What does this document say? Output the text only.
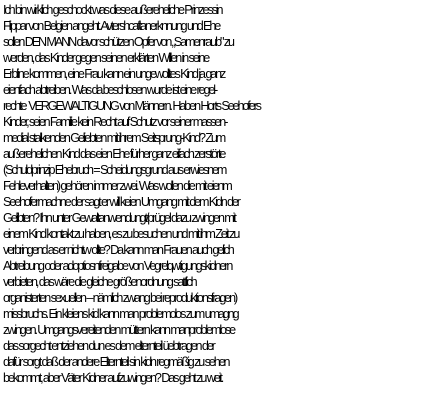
Ich bin wirklich geschockt was diese außereheliche Prinzessin
Flippar von Belgien angeht. Avtershcaftanerknnung und Ehe
sollen DEN MANN davor schützen Opfer von „Samenraub" zu
werden, das Kinder gegen seinen erklärten Willen in seine
Erbline kommen, eine Frau kann ein ungewolltes Kind ja ganz
eienfach abtreiben. Was da beschlosen wurde ist eine regel-
rechte  VERGEWALTIGUNG von Männern. Haben Horts Seehofers
Kinder, seien Familie kein Recht auf Schutz vor seiner massen-
medial stalkenden Geliebten mit ihrem Seitsprung-Kind? Zum
außerehelichen Kind das eien Ehe fürher ganz eifach zerstörte
(Schuldprinzip Ehebruch = Scheidungsgrund aus erwiesnem
Fehleverhalten) gehören immer zwei. Was wollen die mit eienm
Seehofermachne der sagt er will keien Umgang mit dem Kidn der
Gelibten? Ihn unter Gewaltanwendungt/prügel dazu zwingen mit
einem Kind kontakt zu haben, es zu besuchen und mit ihm Zeit zu
verbringend as er nichtw ollte? Da kann man Frauen auch gelich
Abtreibung oder adoptiosnfreigabe von Vegrelqwtigungskidnern
verbieten, das wäre die gleiche größenordnung sattlich
organisterten sexuellen – nämlich zwang bei reproduktionsfragen)
missbruchs. Ein kleiens kid kann man problemolos zum umagng
zwingen. Umgangsvereitenden müttern kann manproblemlose
das sorgecht entziehen dun es dem elternteil üebtragen der
dafür sorgt daß der andere Elternteil sin kidn regmäßig zu sehen
bekommt, aber Väter Kidner aufzuwingen? Das geht zu weit.
